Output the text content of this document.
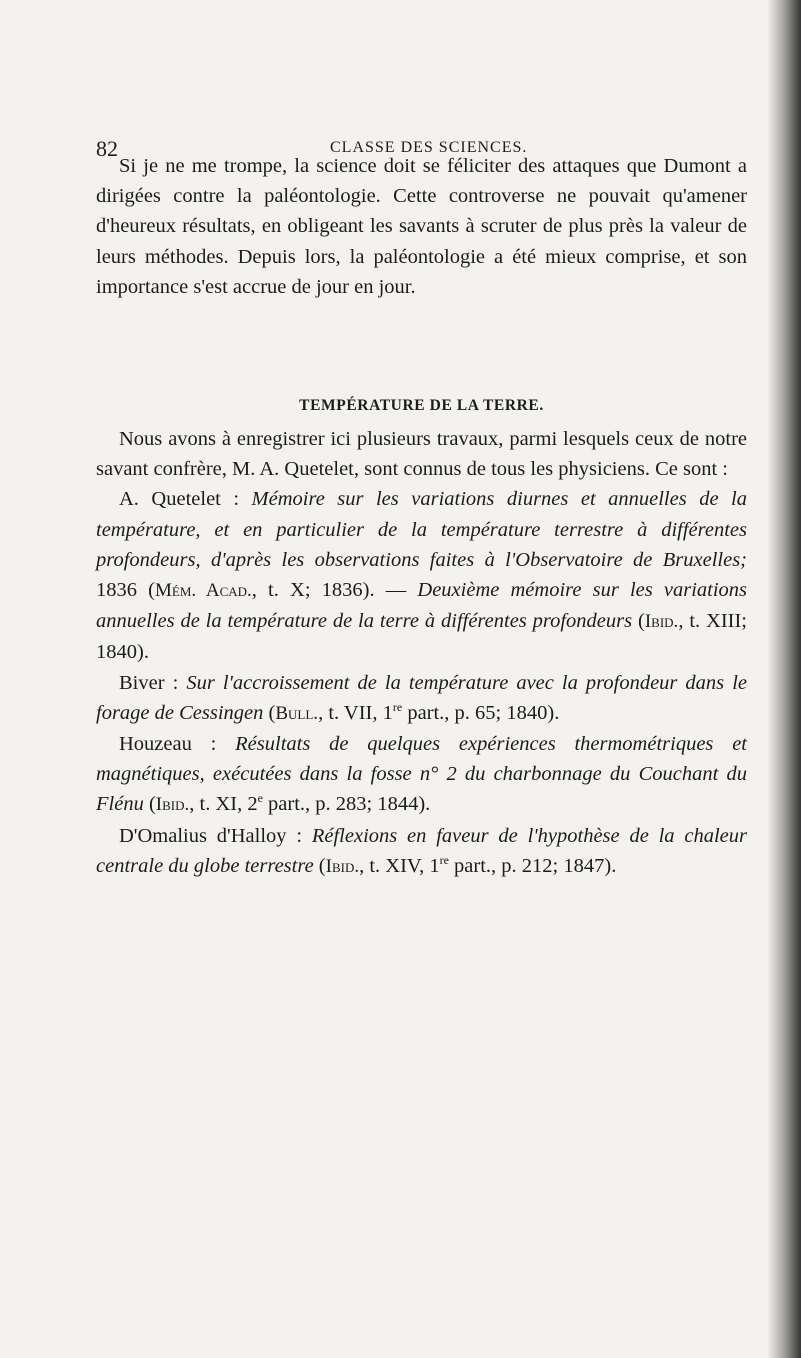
82	CLASSE DES SCIENCES.

Si je ne me trompe, la science doit se féliciter des attaques que Dumont a dirigées contre la paléontologie. Cette controverse ne pouvait qu'amener d'heureux résultats, en obligeant les savants à scruter de plus près la valeur de leurs méthodes. Depuis lors, la paléontologie a été mieux comprise, et son importance s'est accrue de jour en jour.

TEMPÉRATURE DE LA TERRE.

Nous avons à enregistrer ici plusieurs travaux, parmi lesquels ceux de notre savant confrère, M. A. Quetelet, sont connus de tous les physiciens. Ce sont :

A. Quetelet : Mémoire sur les variations diurnes et annuelles de la température, et en particulier de la température terrestre à différentes profondeurs, d'après les observations faites à l'Observatoire de Bruxelles; 1836 (Mém. Acad., t. X; 1836). — Deuxième mémoire sur les variations annuelles de la température de la terre à différentes profondeurs (Ibid., t. XIII; 1840).

Biver : Sur l'accroissement de la température avec la profondeur dans le forage de Cessingen (Bull., t. VII, 1re part., p. 65; 1840).

Houzeau : Résultats de quelques expériences thermométriques et magnétiques, exécutées dans la fosse n° 2 du charbonnage du Couchant du Flénu (Ibid., t. XI, 2e part., p. 283; 1844).

D'Omalius d'Halloy : Réflexions en faveur de l'hypothèse de la chaleur centrale du globe terrestre (Ibid., t. XIV, 1re part., p. 212; 1847).
